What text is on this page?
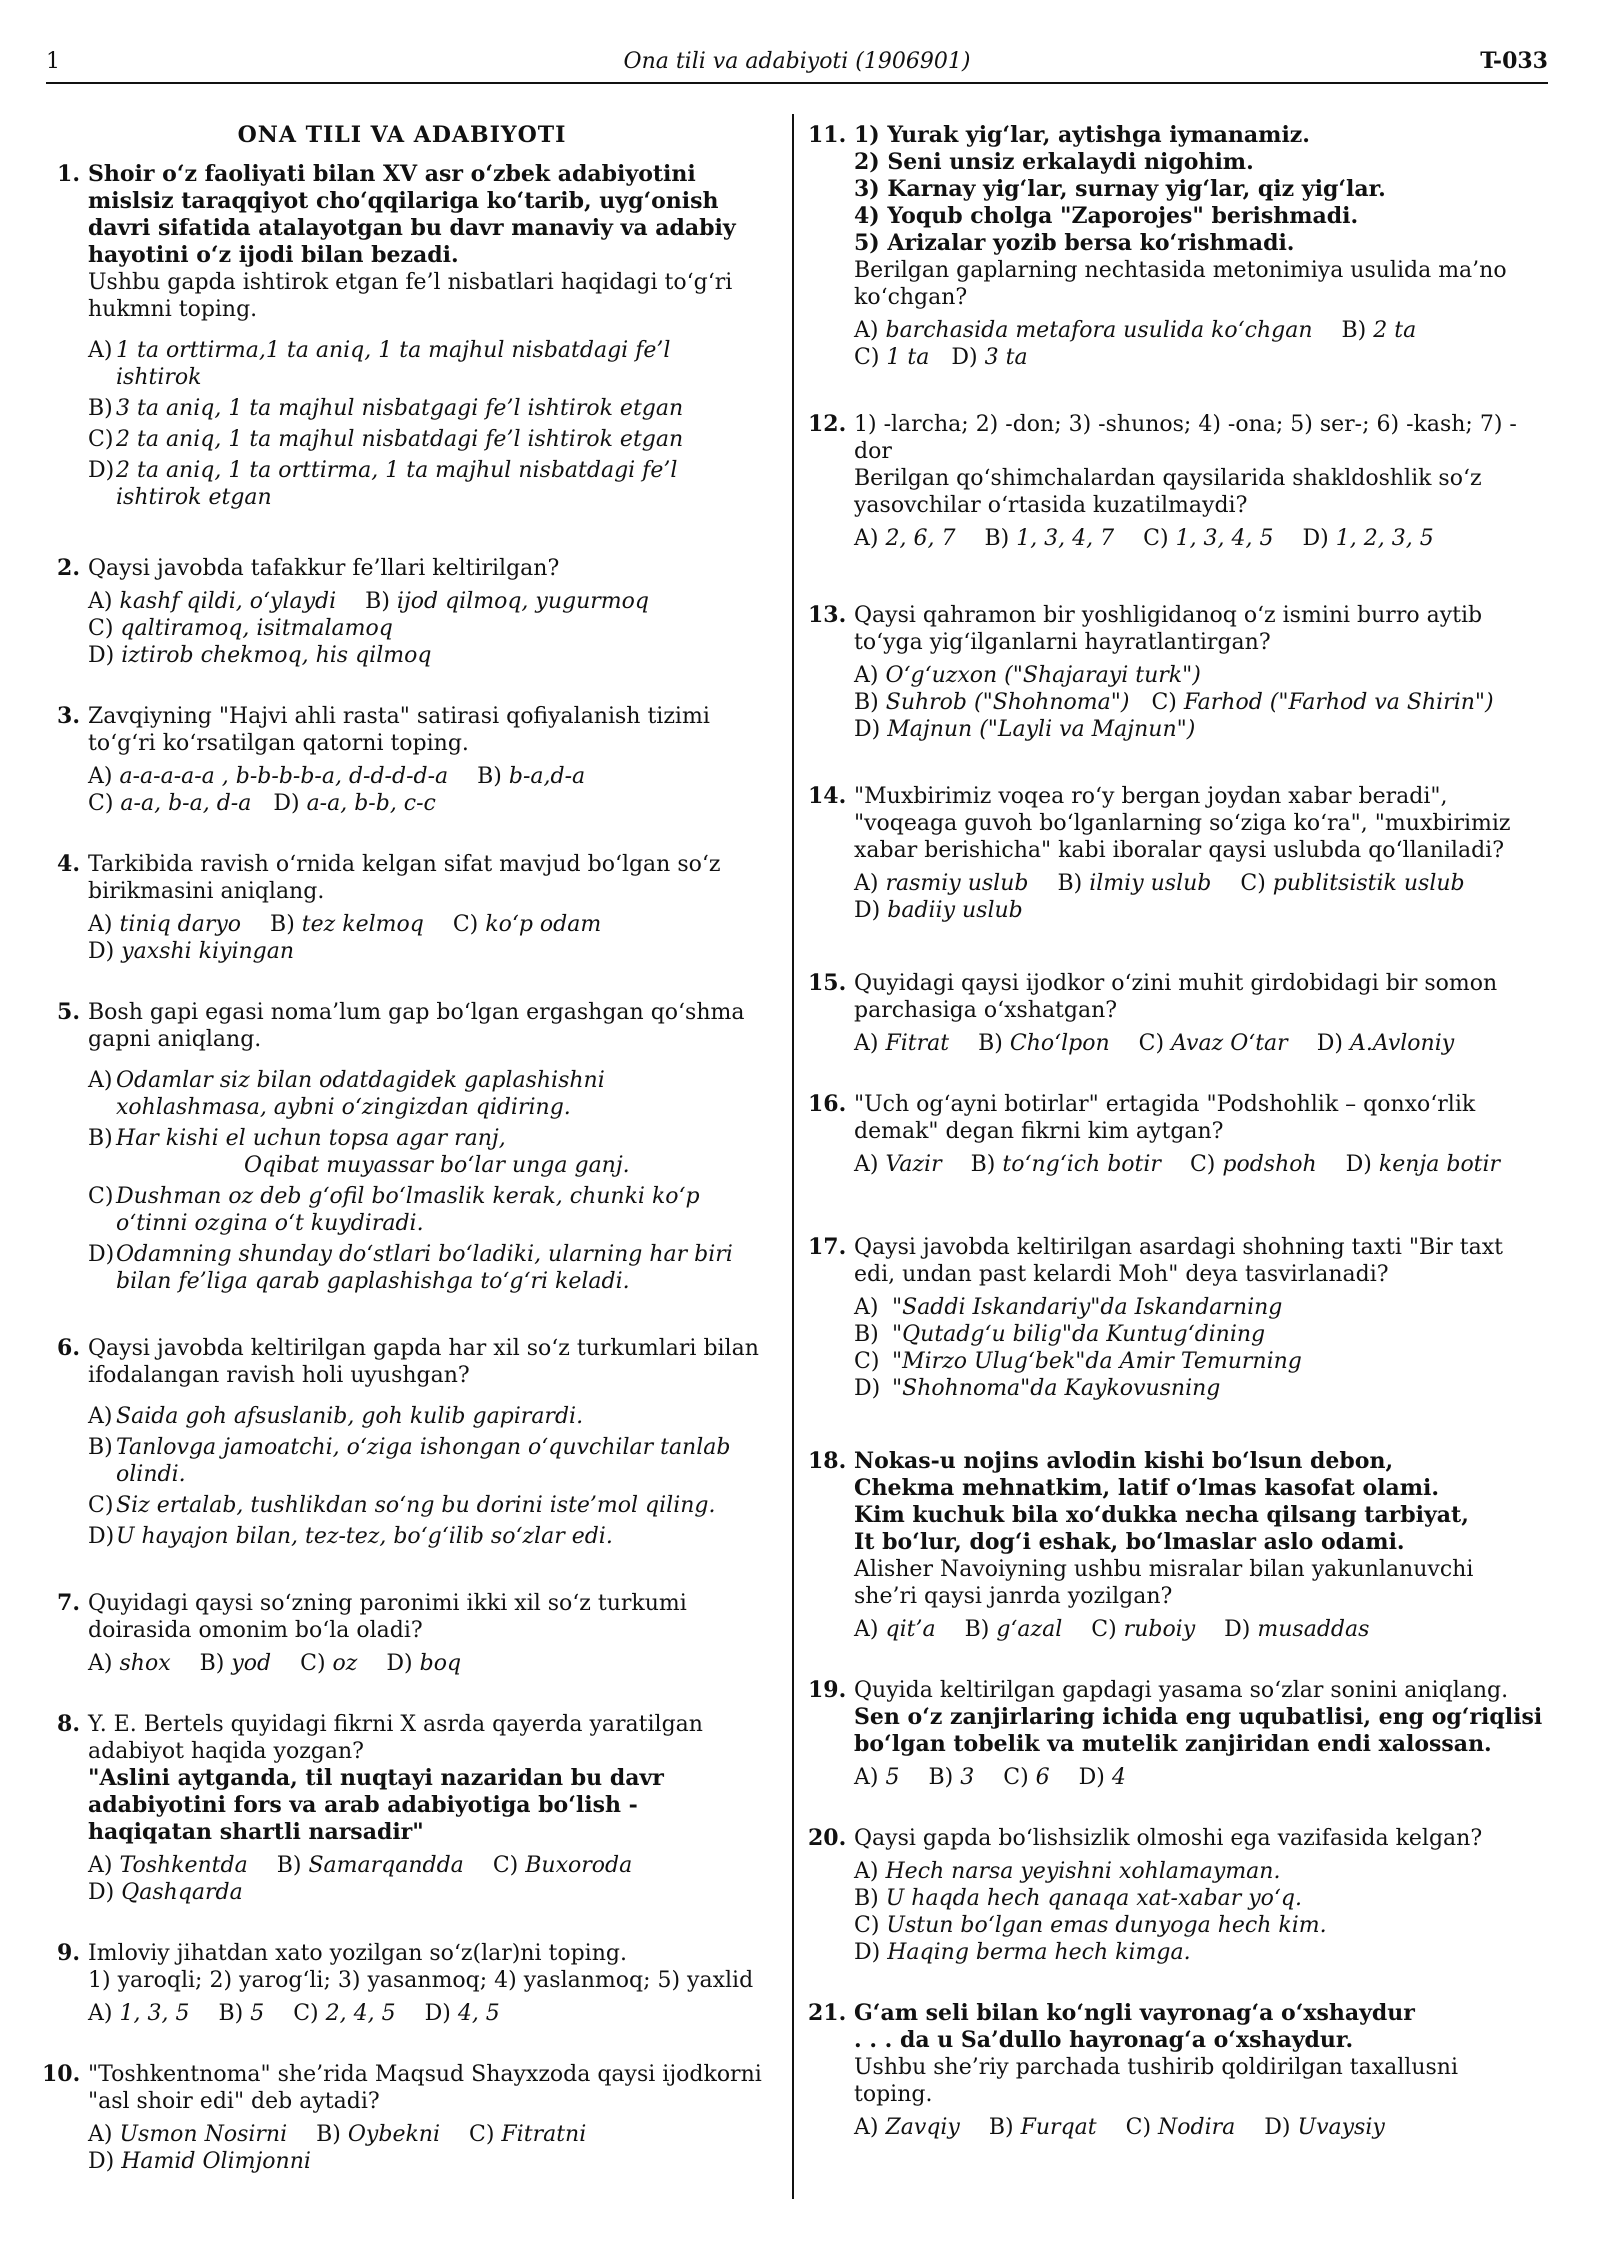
1	Ona tili va adabiyoti (1906901)	T-033
ONA TILI VA ADABIYOTI
1. Shoir o‘z faoliyati bilan XV asr o‘zbek adabiyotini mislsiz taraqqiyot cho‘qqilariga ko‘tarib, uyg‘onish davri sifatida atalayotgan bu davr manaviy va adabiy hayotini o‘z ijodi bilan bezadi.
Ushbu gapda ishtirok etgan fe’l nisbatlari haqidagi to‘g‘ri hukmni toping.
A) 1 ta orttirma,1 ta aniq, 1 ta majhul nisbatdagi fe’l ishtirok
B) 3 ta aniq, 1 ta majhul nisbatgagi fe’l ishtirok etgan
C) 2 ta aniq, 1 ta majhul nisbatdagi fe’l ishtirok etgan
D) 2 ta aniq, 1 ta orttirma, 1 ta majhul nisbatdagi fe’l ishtirok etgan
2. Qaysi javobda tafakkur fe’llari keltirilgan?
A) kashf qildi, o‘ylaydi B) ijod qilmoq, yugurmoq
C) qaltiramoq, isitmalamoq
D) iztirob chekmoq, his qilmoq
3. Zavqiyning "Hajvi ahli rasta" satirasi qofiyalanish tizimi to‘g‘ri ko‘rsatilgan qatorni toping.
A) a-a-a-a-a , b-b-b-b-a, d-d-d-d-a B) b-a,d-a
C) a-a, b-a, d-a D) a-a, b-b, c-c
4. Tarkibida ravish o‘rnida kelgan sifat mavjud bo‘lgan so‘z birikmasini aniqlang.
A) tiniq daryo B) tez kelmoq C) ko‘p odam
D) yaxshi kiyingan
5. Bosh gapi egasi noma’lum gap bo‘lgan ergashgan qo‘shma gapni aniqlang.
A) Odamlar siz bilan odatdagidek gaplashishni xohlashmasa, aybni o‘zingizdan qidiring.
B) Har kishi el uchun topsa agar ranj,
Oqibat muyassar bo‘lar unga ganj.
C) Dushman oz deb g‘ofil bo‘lmaslik kerak, chunki ko‘p o‘tinni ozgina o‘t kuydiradi.
D) Odamning shunday do‘stlari bo‘ladiki, ularning har biri bilan fe’liga qarab gaplashishga to‘g‘ri keladi.
6. Qaysi javobda keltirilgan gapda har xil so‘z turkumlari bilan ifodalangan ravish holi uyushgan?
A) Saida goh afsuslanib, goh kulib gapirardi.
B) Tanlovga jamoatchi, o‘ziga ishongan o‘quvchilar tanlab olindi.
C) Siz ertalab, tushlikdan so‘ng bu dorini iste’mol qiling.
D) U hayajon bilan, tez-tez, bo‘g‘ilib so‘zlar edi.
7. Quyidagi qaysi so‘zning paronimi ikki xil so‘z turkumi doirasida omonim bo‘la oladi?
A) shox B) yod C) oz D) boq
8. Y. E. Bertels quyidagi fikrni X asrda qayerda yaratilgan adabiyot haqida yozgan?
"Aslini aytganda, til nuqtayi nazaridan bu davr adabiyotini fors va arab adabiyotiga bo‘lish - haqiqatan shartli narsadir"
A) Toshkentda B) Samarqandda C) Buxoroda
D) Qashqarda
9. Imloviy jihatdan xato yozilgan so‘z(lar)ni toping.
1) yaroqli; 2) yarog‘li; 3) yasanmoq; 4) yaslanmoq; 5) yaxlid
A) 1, 3, 5 B) 5 C) 2, 4, 5 D) 4, 5
10. "Toshkentnoma" she’rida Maqsud Shayxzoda qaysi ijodkorni "asl shoir edi" deb aytadi?
A) Usmon Nosirni B) Oybekni C) Fitratni
D) Hamid Olimjonni
11. 1) Yurak yig‘lar, aytishga iymanamiz.
2) Seni unsiz erkalaydi nigohim.
3) Karnay yig‘lar, surnay yig‘lar, qiz yig‘lar.
4) Yoqub cholga "Zaporojes" berishmadi.
5) Arizalar yozib bersa ko‘rishmadi.
Berilgan gaplarning nechtasida metonimiya usulida ma’no ko‘chgan?
A) barchasida metafora usulida ko‘chgan B) 2 ta
C) 1 ta D) 3 ta
12. 1) -larcha; 2) -don; 3) -shunos; 4) -ona; 5) ser-; 6) -kash; 7) -dor
Berilgan qo‘shimchalardan qaysilarida shakldoshlik so‘z yasovchilar o‘rtasida kuzatilmaydi?
A) 2, 6, 7 B) 1, 3, 4, 7 C) 1, 3, 4, 5 D) 1, 2, 3, 5
13. Qaysi qahramon bir yoshligidanoq o‘z ismini burro aytib to‘yga yig‘ilganlarni hayratlantirgan?
A) O‘g‘uzxon ("Shajarayi turk")
B) Suhrob ("Shohnoma") C) Farhod ("Farhod va Shirin")
D) Majnun ("Layli va Majnun")
14. "Muxbirimiz voqea ro‘y bergan joydan xabar beradi", "voqeaga guvoh bo‘lganlarning so‘ziga ko‘ra", "muxbirimiz xabar berishicha" kabi iboralar qaysi uslubda qo‘llaniladi?
A) rasmiy uslub B) ilmiy uslub C) publitsistik uslub
D) badiiy uslub
15. Quyidagi qaysi ijodkor o‘zini muhit girdobidagi bir somon parchasiga o‘xshatgan?
A) Fitrat B) Cho‘lpon C) Avaz O‘tar D) A.Avloniy
16. "Uch og‘ayni botirlar" ertagida "Podshohlik – qonxo‘rlik demak" degan fikrni kim aytgan?
A) Vazir B) to‘ng‘ich botir C) podshoh D) kenja botir
17. Qaysi javobda keltirilgan asardagi shohning taxti "Bir taxt edi, undan past kelardi Moh" deya tasvirlanadi?
A) "Saddi Iskandariy"da Iskandarning
B) "Qutadg‘u bilig"da Kuntug‘dining
C) "Mirzo Ulug‘bek"da Amir Temurning
D) "Shohnoma"da Kaykovusning
18. Nokas-u nojins avlodin kishi bo‘lsun debon,
Chekma mehnatkim, latif o‘lmas kasofat olami.
Kim kuchuk bila xo‘dukka necha qilsang tarbiyat,
It bo‘lur, dog‘i eshak, bo‘lmaslar aslo odami.
Alisher Navoiyning ushbu misralar bilan yakunlanuvchi she’ri qaysi janrda yozilgan?
A) qit’a B) g‘azal C) ruboiy D) musaddas
19. Quyida keltirilgan gapdagi yasama so‘zlar sonini aniqlang.
Sen o‘z zanjirlaring ichida eng uqubatlisi, eng og‘riqlisi bo‘lgan tobelik va mutelik zanjiridan endi xalossan.
A) 5 B) 3 C) 6 D) 4
20. Qaysi gapda bo‘lishsizlik olmoshi ega vazifasida kelgan?
A) Hech narsa yeyishni xohlamayman.
B) U haqda hech qanaqa xat-xabar yo‘q.
C) Ustun bo‘lgan emas dunyoga hech kim.
D) Haqing berma hech kimga.
21. G‘am seli bilan ko‘ngli vayronag‘a o‘xshaydur
. . . da u Sa’dullo hayronag‘a o‘xshaydur.
Ushbu she’riy parchada tushirib qoldirilgan taxallusni toping.
A) Zavqiy B) Furqat C) Nodira D) Uvaysiy
